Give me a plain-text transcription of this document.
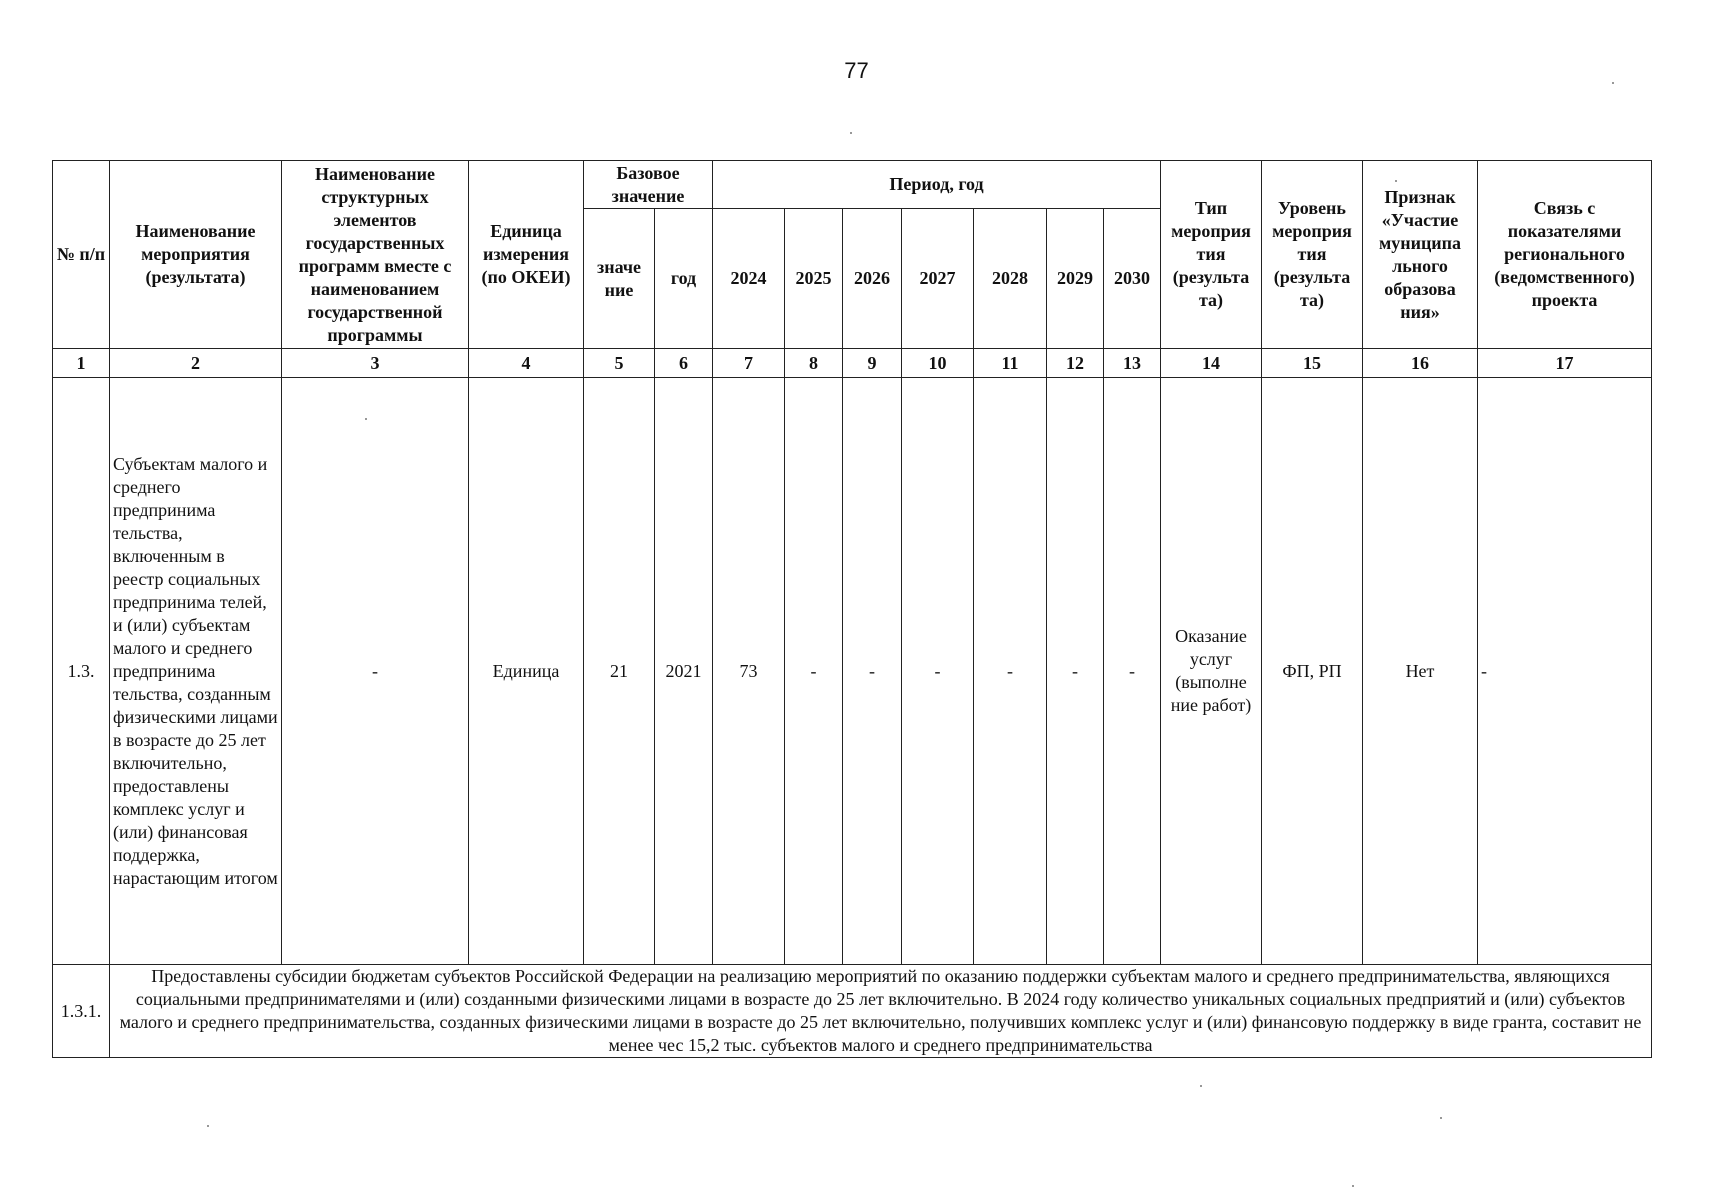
77
№ п/п	Наименование мероприятия (результата)	Наименование структурных элементов государственных программ вместе с наименованием государственной программы	Единица измерения (по ОКЕИ)	Базовое значение		Период, год							Тип мероприя тия (результа та)	Уровень мероприя тия (результа та)	Признак «Участие муниципа льного образова ния»	Связь с показателями регионального (ведомственного) проекта
				значе ние	год	2024	2025	2026	2027	2028	2029	2030				
1	2	3	4	5	6	7	8	9	10	11	12	13	14	15	16	17
1.3.	Субъектам малого и среднего предпринима тельства, включенным в реестр социальных предпринима телей, и (или) субъектам малого и среднего предпринима тельства, созданным физическими лицами в возрасте до 25 лет включительно, предоставлены комплекс услуг и (или) финансовая поддержка, нарастающим итогом	-	Единица	21	2021	73	-	-	-	-	-	-	Оказание услуг (выполне ние работ)	ФП, РП	Нет	-
1.3.1.	Предоставлены субсидии бюджетам субъектов Российской Федерации на реализацию мероприятий по оказанию поддержки субъектам малого и среднего предпринимательства, являющихся социальными предпринимателями и (или) созданными физическими лицами в возрасте до 25 лет включительно. В 2024 году количество уникальных социальных предприятий и (или) субъектов малого и среднего предпринимательства, созданных физическими лицами в возрасте до 25 лет включительно, получивших комплекс услуг и (или) финансовую поддержку в виде гранта, составит не менее чес 15,2 тыс. субъектов малого и среднего предпринимательства															
